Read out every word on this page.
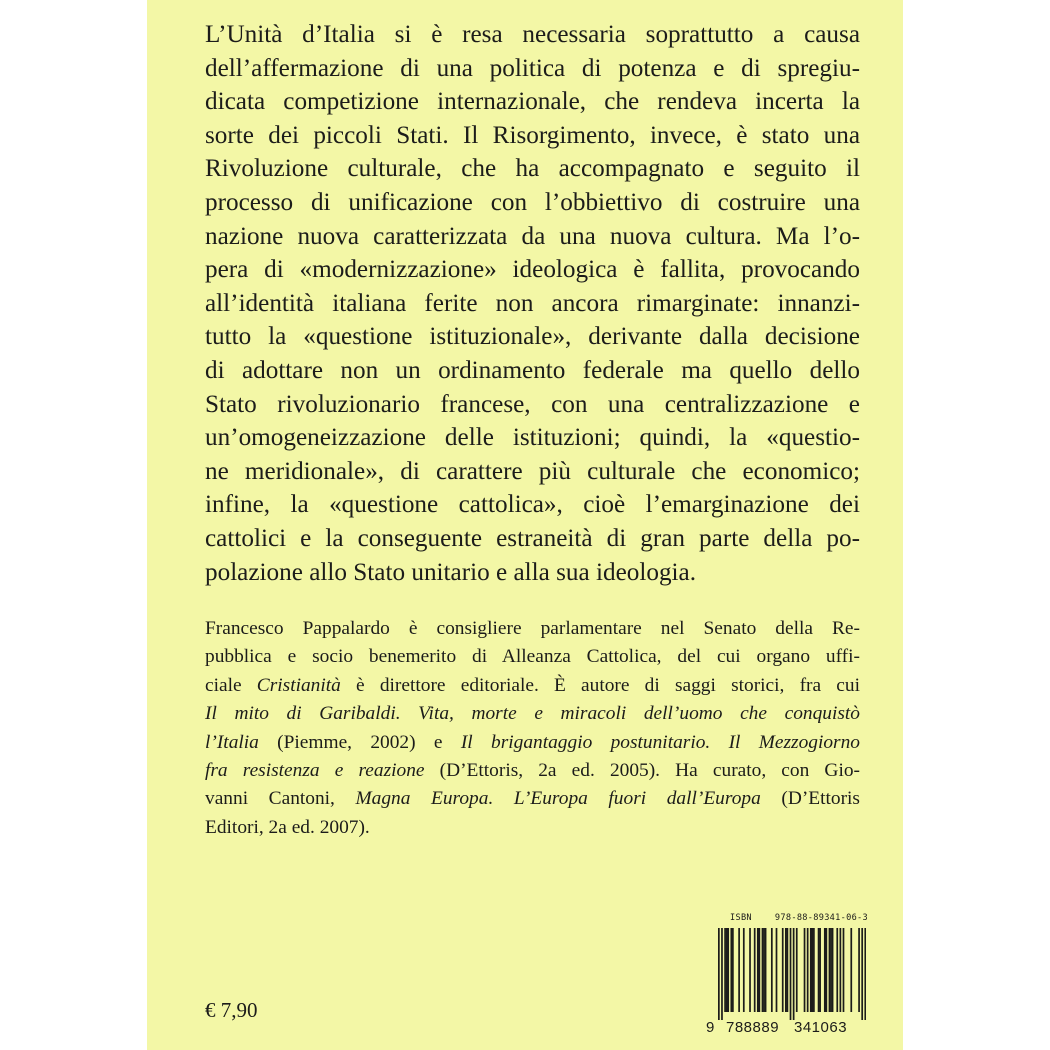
L’Unità d’Italia si è resa necessaria soprattutto a causa
dell’affermazione di una politica di potenza e di spregiu-
dicata competizione internazionale, che rendeva incerta la
sorte dei piccoli Stati. Il Risorgimento, invece, è stato una
Rivoluzione culturale, che ha accompagnato e seguito il
processo di unificazione con l’obbiettivo di costruire una
nazione nuova caratterizzata da una nuova cultura. Ma l’o-
pera di «modernizzazione» ideologica è fallita, provocando
all’identità italiana ferite non ancora rimarginate: innanzi-
tutto la «questione istituzionale», derivante dalla decisione
di adottare non un ordinamento federale ma quello dello
Stato rivoluzionario francese, con una centralizzazione e
un’omogeneizzazione delle istituzioni; quindi, la «questio-
ne meridionale», di carattere più culturale che economico;
infine, la «questione cattolica», cioè l’emarginazione dei
cattolici e la conseguente estraneità di gran parte della po-
polazione allo Stato unitario e alla sua ideologia.
Francesco Pappalardo è consigliere parlamentare nel Senato della Re-
pubblica e socio benemerito di Alleanza Cattolica, del cui organo uffi-
ciale Cristianità è direttore editoriale. È autore di saggi storici, fra cui
Il mito di Garibaldi. Vita, morte e miracoli dell’uomo che conquistò
l’Italia (Piemme, 2002) e Il brigantaggio postunitario. Il Mezzogiorno
fra resistenza e reazione (D’Ettoris, 2a ed. 2005). Ha curato, con Gio-
vanni Cantoni, Magna Europa. L’Europa fuori dall’Europa (D’Ettoris
Editori, 2a ed. 2007).
€ 7,90
ISBN 978-88-89341-06-3
9 788889 341063
